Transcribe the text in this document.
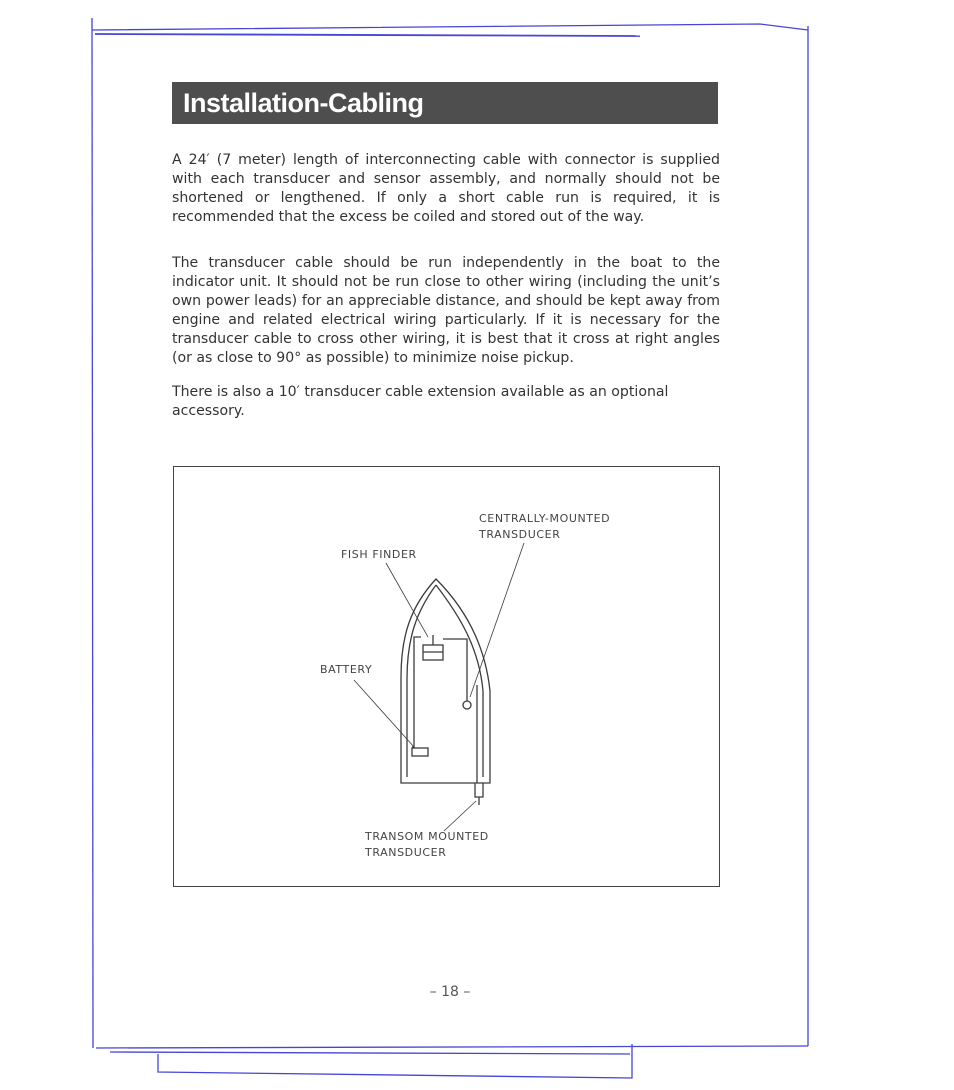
Installation-Cabling

A 24′ (7 meter) length of interconnecting cable with connector is supplied with each transducer and sensor assembly, and normally should not be shortened or lengthened. If only a short cable run is required, it is recommended that the excess be coiled and stored out of the way.

The transducer cable should be run independently in the boat to the indicator unit. It should not be run close to other wiring (including the unit’s own power leads) for an appreciable distance, and should be kept away from engine and related electrical wiring particularly. If it is necessary for the transducer cable to cross other wiring, it is best that it cross at right angles (or as close to 90° as possible) to minimize noise pickup.

There is also a 10′ transducer cable extension available as an optional accessory.

CENTRALLY-MOUNTED
TRANSDUCER
FISH FINDER
BATTERY
TRANSOM MOUNTED
TRANSDUCER
– 18 –
